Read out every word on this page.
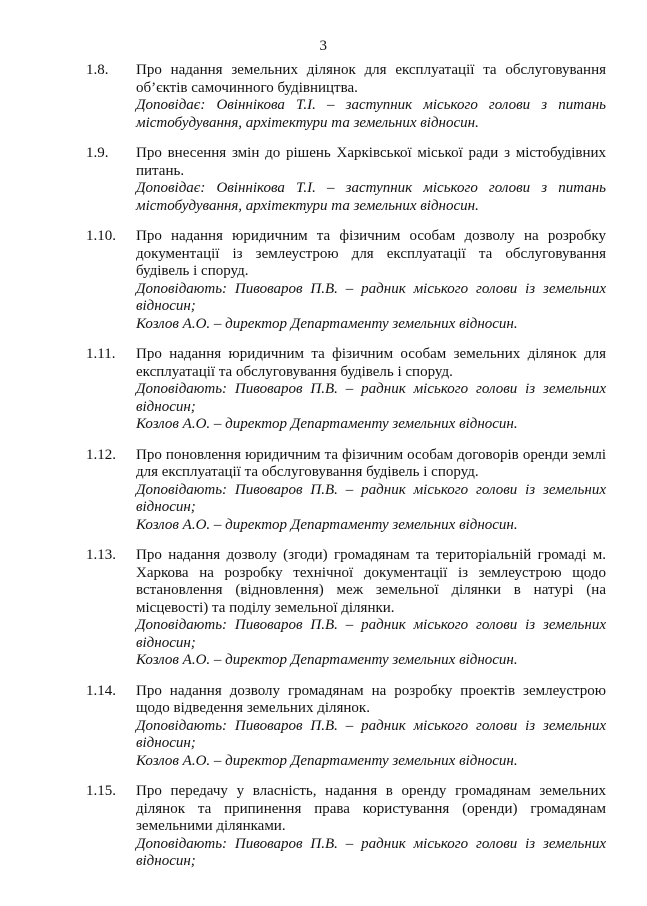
3
1.8.	Про надання земельних ділянок для експлуатації та обслуговування об’єктів самочинного будівництва.

Доповідає: Овіннікова Т.І. – заступник міського голови з питань містобудування, архітектури та земельних відносин.

1.9.	Про внесення змін до рішень Харківської міської ради з містобудівних питань.

Доповідає: Овіннікова Т.І. – заступник міського голови з питань містобудування, архітектури та земельних відносин.

1.10.	Про надання юридичним та фізичним особам дозволу на розробку документації із землеустрою для експлуатації та обслуговування будівель і споруд.

Доповідають: Пивоваров П.В. – радник міського голови із земельних відносин;
Козлов А.О. – директор Департаменту земельних відносин.

1.11.	Про надання юридичним та фізичним особам земельних ділянок для експлуатації та обслуговування будівель і споруд.

Доповідають: Пивоваров П.В. – радник міського голови із земельних відносин;
Козлов А.О. – директор Департаменту земельних відносин.

1.12.	Про поновлення юридичним та фізичним особам договорів оренди землі для експлуатації та обслуговування будівель і споруд.

Доповідають: Пивоваров П.В. – радник міського голови із земельних відносин;
Козлов А.О. – директор Департаменту земельних відносин.

1.13.	Про надання дозволу (згоди) громадянам та територіальній громаді м. Харкова на розробку технічної документації із землеустрою щодо встановлення (відновлення) меж земельної ділянки в натурі (на місцевості) та поділу земельної ділянки.

Доповідають: Пивоваров П.В. – радник міського голови із земельних відносин;
Козлов А.О. – директор Департаменту земельних відносин.

1.14.	Про надання дозволу громадянам на розробку проектів землеустрою щодо відведення земельних ділянок.

Доповідають: Пивоваров П.В. – радник міського голови із земельних відносин;
Козлов А.О. – директор Департаменту земельних відносин.

1.15.	Про передачу у власність, надання в оренду громадянам земельних ділянок та припинення права користування (оренди) громадянам земельними ділянками.

Доповідають: Пивоваров П.В. – радник міського голови із земельних відносин;
